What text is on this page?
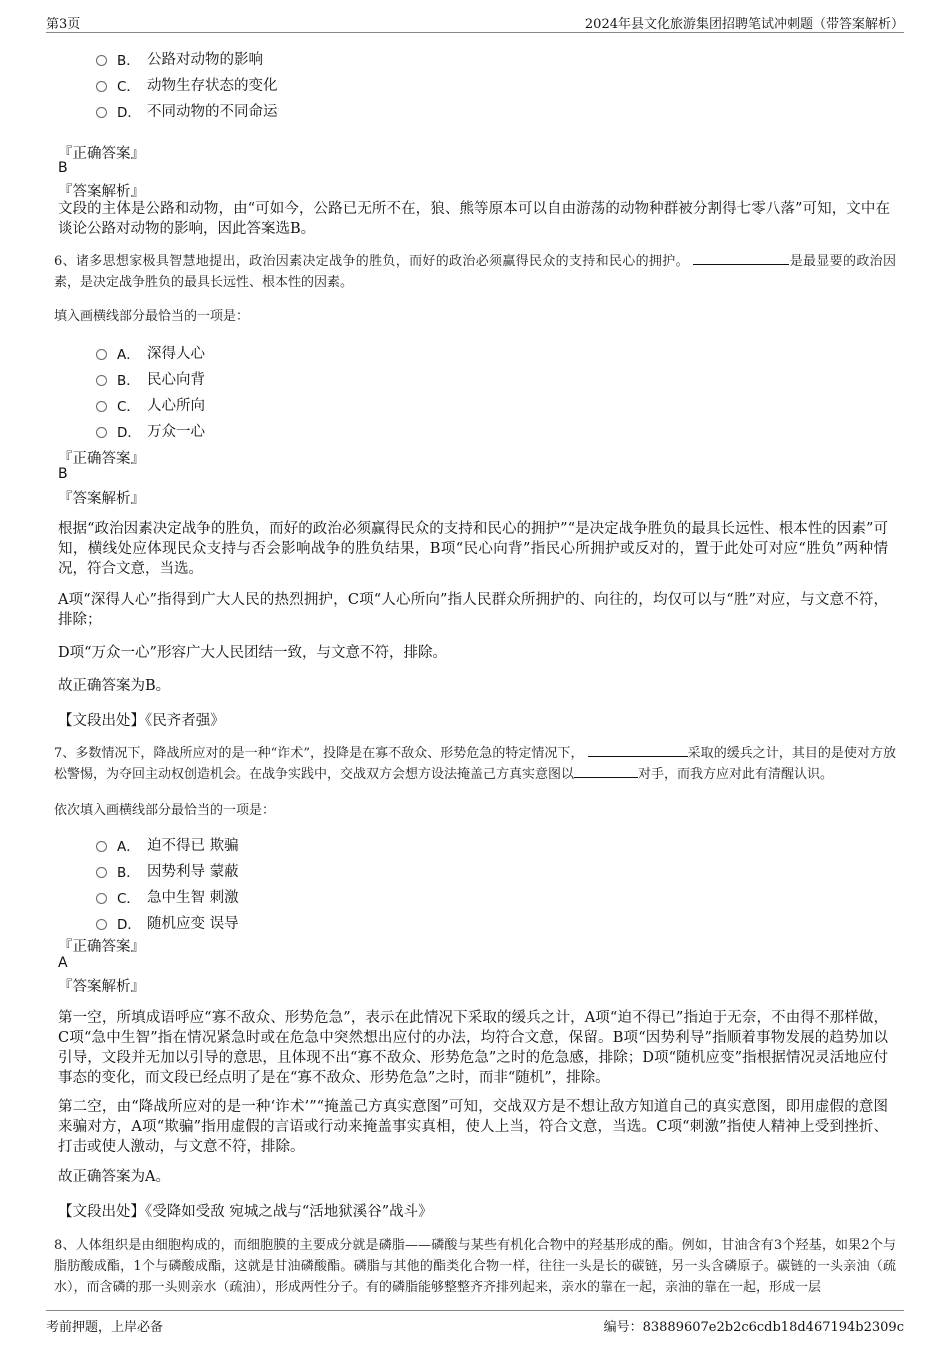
第3页	2024年县文化旅游集团招聘笔试冲刺题（带答案解析）
B． 公路对动物的影响
C． 动物生存状态的变化
D． 不同动物的不同命运
『正确答案』
B
『答案解析』
文段的主体是公路和动物，由“可如今，公路已无所不在，狼、熊等原本可以自由游荡的动物种群被分割得七零八落”可知，文中在谈论公路对动物的影响，因此答案选B。
6、诸多思想家极具智慧地提出，政治因素决定战争的胜负，而好的政治必须赢得民众的支持和民心的拥护。	是最显要的政治因素，是决定战争胜负的最具长远性、根本性的因素。
填入画横线部分最恰当的一项是：
A． 深得人心
B． 民心向背
C． 人心所向
D． 万众一心
『正确答案』
B
『答案解析』
根据“政治因素决定战争的胜负，而好的政治必须赢得民众的支持和民心的拥护”“是决定战争胜负的最具长远性、根本性的因素”可知，横线处应体现民众支持与否会影响战争的胜负结果，B项“民心向背”指民心所拥护或反对的，置于此处可对应“胜负”两种情况，符合文意，当选。
A项“深得人心”指得到广大人民的热烈拥护，C项“人心所向”指人民群众所拥护的、向往的，均仅可以与“胜”对应，与文意不符，排除；
D项“万众一心”形容广大人民团结一致，与文意不符，排除。
故正确答案为B。
【文段出处】《民齐者强》
7、多数情况下，降战所应对的是一种“诈术”，投降是在寡不敌众、形势危急的特定情况下，	采取的缓兵之计，其目的是使对方放松警惕，为夺回主动权创造机会。在战争实践中，交战双方会想方设法掩盖己方真实意图以	对手，而我方应对此有清醒认识。
依次填入画横线部分最恰当的一项是：
A． 迫不得已 欺骗
B． 因势利导 蒙蔽
C． 急中生智 刺激
D． 随机应变 误导
『正确答案』
A
『答案解析』
第一空，所填成语呼应“寡不敌众、形势危急”，表示在此情况下采取的缓兵之计，A项“迫不得已”指迫于无奈，不由得不那样做，C项“急中生智”指在情况紧急时或在危急中突然想出应付的办法，均符合文意，保留。B项“因势利导”指顺着事物发展的趋势加以引导，文段并无加以引导的意思，且体现不出“寡不敌众、形势危急”之时的危急感，排除；D项“随机应变”指根据情况灵活地应付事态的变化，而文段已经点明了是在“寡不敌众、形势危急”之时，而非“随机”，排除。
第二空，由“降战所应对的是一种‘诈术’”“掩盖己方真实意图”可知，交战双方是不想让敌方知道自己的真实意图，即用虚假的意图来骗对方，A项“欺骗”指用虚假的言语或行动来掩盖事实真相，使人上当，符合文意，当选。C项“刺激”指使人精神上受到挫折、打击或使人激动，与文意不符，排除。
故正确答案为A。
【文段出处】《受降如受敌 宛城之战与“活地狱溪谷”战斗》
8、人体组织是由细胞构成的，而细胞膜的主要成分就是磷脂——磷酸与某些有机化合物中的羟基形成的酯。例如，甘油含有3个羟基，如果2个与脂肪酸成酯，1个与磷酸成酯，这就是甘油磷酸酯。磷脂与其他的酯类化合物一样，往往一头是长的碳链，另一头含磷原子。碳链的一头亲油（疏水），而含磷的那一头则亲水（疏油），形成两性分子。有的磷脂能够整整齐齐排列起来，亲水的靠在一起，亲油的靠在一起，形成一层
考前押题，上岸必备	编号：83889607e2b2c6cdb18d467194b2309c
